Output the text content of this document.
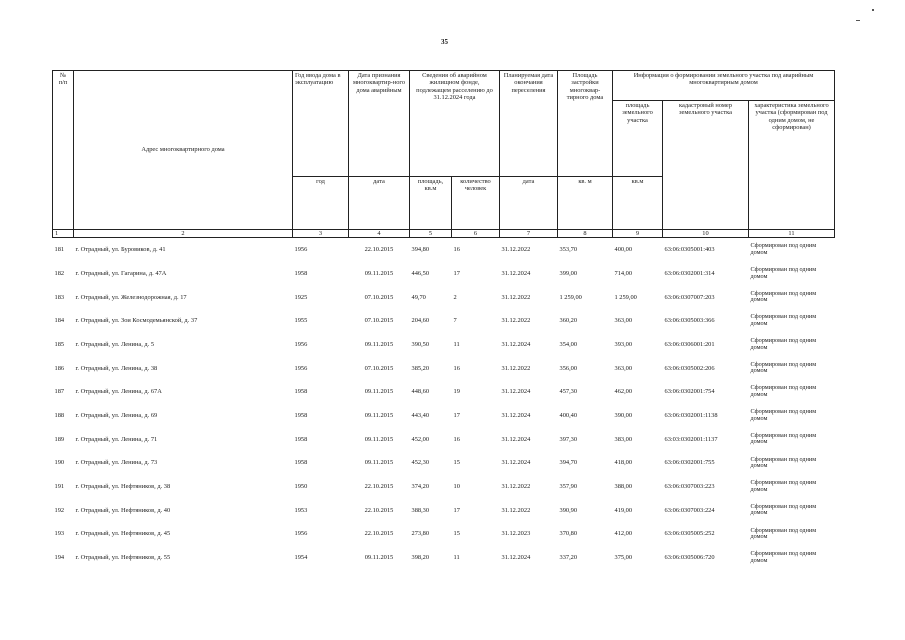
35
№
п/п	Адрес многоквартирного дома	Год ввода дома в эксплуатацию	Дата признания многоквартир-ного дома аварийным	Сведения об аварийном жилищном фонде, подлежащем расселению до 31.12.2024 года		Планируемая дата окончания переселения	Площадь застройки многоквар-тирного дома	Информация о формировании земельного участка под аварийным многоквартирным домом		
								площадь земельного участка	кадастровый номер земельного участка	характеристика земельного участка (сформирован под одним домом, не сформирован)
		год	дата	площадь, кв.м	количество человек	дата	кв. м	кв.м		
1	2	3	4	5	6	7	8	9	10	11
181	г. Отрадный, ул. Буровиков, д. 41	1956	22.10.2015	394,80	16	31.12.2022	353,70	400,00	63:06:0305001:403	Сформирован под одним домом
182	г. Отрадный, ул. Гагарина, д. 47А	1958	09.11.2015	446,50	17	31.12.2024	399,00	714,00	63:06:0302001:314	Сформирован под одним домом
183	г. Отрадный, ул. Железнодорожная, д. 17	1925	07.10.2015	49,70	2	31.12.2022	1 259,00	1 259,00	63:06:0307007:203	Сформирован под одним домом
184	г. Отрадный, ул. Зои Космодемьянской, д. 37	1955	07.10.2015	204,60	7	31.12.2022	360,20	363,00	63:06:0305003:366	Сформирован под одним домом
185	г. Отрадный, ул. Ленина, д. 5	1956	09.11.2015	390,50	11	31.12.2024	354,00	393,00	63:06:0306001:201	Сформирован под одним домом
186	г. Отрадный, ул. Ленина, д. 38	1956	07.10.2015	385,20	16	31.12.2022	356,00	363,00	63:06:0305002:206	Сформирован под одним домом
187	г. Отрадный, ул. Ленина, д. 67А	1958	09.11.2015	448,60	19	31.12.2024	457,30	462,00	63:06:0302001:754	Сформирован под одним домом
188	г. Отрадный, ул. Ленина, д. 69	1958	09.11.2015	443,40	17	31.12.2024	400,40	390,00	63:06:0302001:1138	Сформирован под одним домом
189	г. Отрадный, ул. Ленина, д. 71	1958	09.11.2015	452,00	16	31.12.2024	397,30	383,00	63:03:0302001:1137	Сформирован под одним домом
190	г. Отрадный, ул. Ленина, д. 73	1958	09.11.2015	452,30	15	31.12.2024	394,70	418,00	63:06:0302001:755	Сформирован под одним домом
191	г. Отрадный, ул. Нефтяников, д. 38	1950	22.10.2015	374,20	10	31.12.2022	357,90	388,00	63:06:0307003:223	Сформирован под одним домом
192	г. Отрадный, ул. Нефтяников, д. 40	1953	22.10.2015	388,30	17	31.12.2022	390,90	419,00	63:06:0307003:224	Сформирован под одним домом
193	г. Отрадный, ул. Нефтяников, д. 45	1956	22.10.2015	273,80	15	31.12.2023	370,80	412,00	63:06:0305005:252	Сформирован под одним домом
194	г. Отрадный, ул. Нефтяников, д. 55	1954	09.11.2015	398,20	11	31.12.2024	337,20	375,00	63:06:0305006:720	Сформирован под одним домом
